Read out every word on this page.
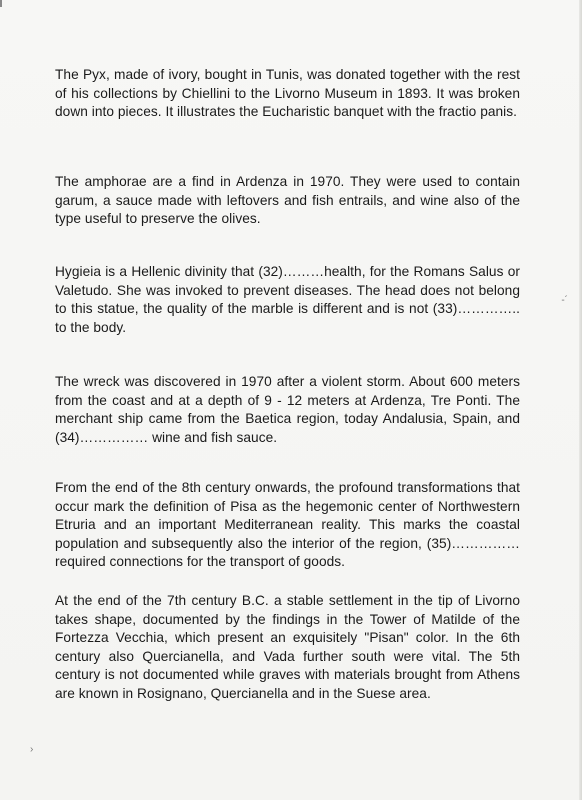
The Pyx, made of ivory, bought in Tunis, was donated together with the rest of his collections by Chiellini to the Livorno Museum in 1893. It was broken down into pieces. It illustrates the Eucharistic banquet with the fractio panis.

The amphorae are a find in Ardenza in 1970. They were used to contain garum, a sauce made with leftovers and fish entrails, and wine also of the type useful to preserve the olives.

Hygieia is a Hellenic divinity that (32)………health, for the Romans Salus or Valetudo. She was invoked to prevent diseases. The head does not belong to this statue, the quality of the marble is different and is not (33)………….. to the body.

The wreck was discovered in 1970 after a violent storm. About 600 meters from the coast and at a depth of 9 - 12 meters at Ardenza, Tre Ponti. The merchant ship came from the Baetica region, today Andalusia, Spain, and (34)…………… wine and fish sauce.

From the end of the 8th century onwards, the profound transformations that occur mark the definition of Pisa as the hegemonic center of Northwestern Etruria and an important Mediterranean reality. This marks the coastal population and subsequently also the interior of the region, (35)…………… required connections for the transport of goods.

At the end of the 7th century B.C. a stable settlement in the tip of Livorno takes shape, documented by the findings in the Tower of Matilde of the Fortezza Vecchia, which present an exquisitely "Pisan" color. In the 6th century also Quercianella, and Vada further south were vital. The 5th century is not documented while graves with materials brought from Athens are known in Rosignano, Quercianella and in the Suese area.

-´
›
